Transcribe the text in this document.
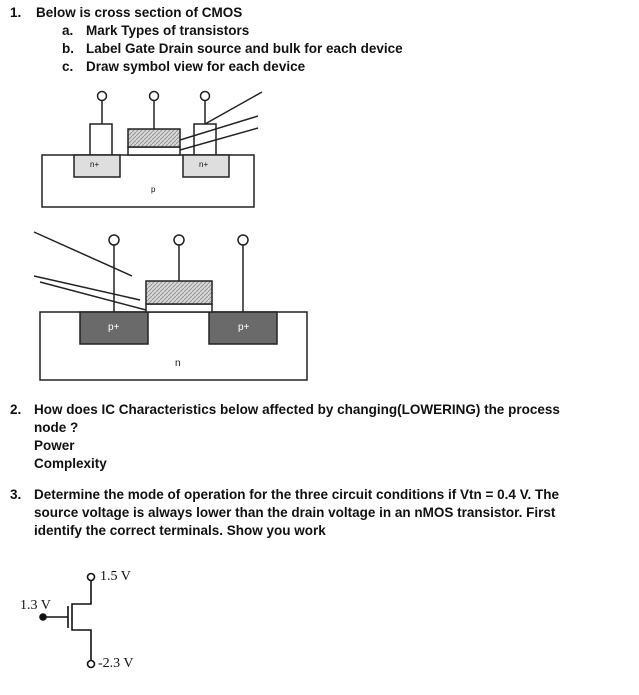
1. Below is cross section of CMOS
a. Mark Types of transistors
b. Label Gate Drain source and bulk for each device
c. Draw symbol view for each device
n+	n+
p
p+	p+
n
2. How does IC Characteristics below affected by changing(LOWERING) the process
node ?
Power
Complexity
3. Determine the mode of operation for the three circuit conditions if Vtn = 0.4 V. The
source voltage is always lower than the drain voltage in an nMOS transistor. First
identify the correct terminals. Show you work
1.5 V
1.3 V
-2.3 V
